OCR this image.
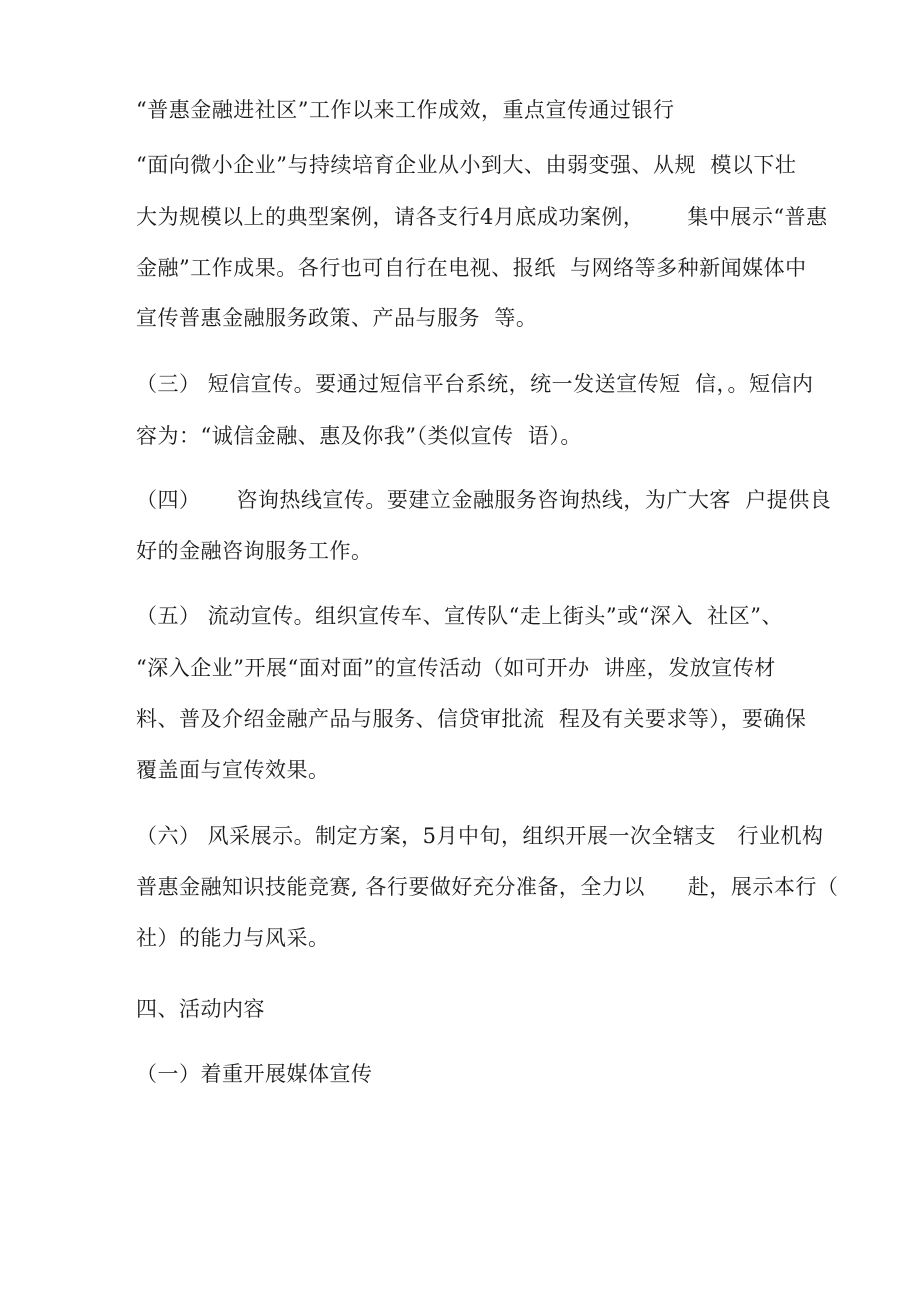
“普惠金融进社区”工作以来工作成效，重点宣传通过银行
“面向微小企业”与持续培育企业从小到大、由弱变强、从规  模以下壮
大为规模以上的典型案例，请各支行4月底成功案例，      集中展示“普惠
金融”工作成果。各行也可自行在电视、报纸  与网络等多种新闻媒体中
宣传普惠金融服务政策、产品与服务  等。
（三） 短信宣传。要通过短信平台系统，统一发送宣传短  信，。短信内
容为：“诚信金融、惠及你我”（类似宣传  语）。
（四）     咨询热线宣传。要建立金融服务咨询热线，为广大客  户提供良
好的金融咨询服务工作。
（五） 流动宣传。组织宣传车、宣传队“走上街头”或“深入  社区”、
“深入企业”开展“面对面”的宣传活动（如可开办  讲座，发放宣传材
料、普及介绍金融产品与服务、信贷审批流  程及有关要求等），要确保
覆盖面与宣传效果。
（六） 风采展示。制定方案，5月中旬，组织开展一次全辖支   行业机构
普惠金融知识技能竞赛, 各行要做好充分准备，全力以      赴，展示本行（
社）的能力与风采。
四、活动内容
（一）着重开展媒体宣传
